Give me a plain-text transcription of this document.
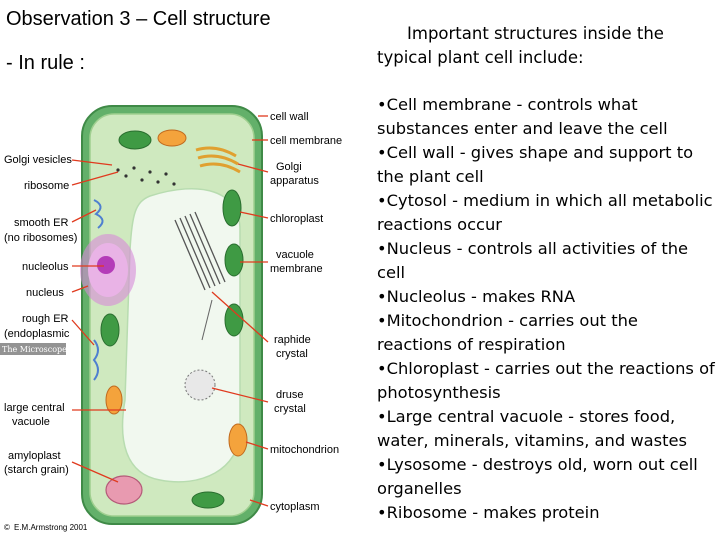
Observation 3 – Cell structure
- In rule :
Important structures inside the typical plant cell include:
•Cell membrane - controls what substances enter and leave the cell
•Cell wall - gives shape and support to the plant cell
•Cytosol - medium in which all metabolic reactions occur
•Nucleus - controls all activities of the cell
•Nucleolus - makes RNA
•Mitochondrion - carries out the reactions of respiration
•Chloroplast - carries out the reactions of photosynthesis
•Large central vacuole - stores food, water, minerals, vitamins, and wastes
•Lysosome - destroys old, worn out cell organelles
•Ribosome - makes protein
Golgi vesicles
ribosome
smooth ER
(no ribosomes)
nucleolus
nucleus
rough ER
(endoplasmic
The Microscope
large central
vacuole
amyloplast
(starch grain)
cell wall
cell membrane
Golgi
apparatus
chloroplast
vacuole
membrane
raphide
crystal
druse
crystal
mitochondrion
cytoplasm
© E.M.Armstrong 2001
